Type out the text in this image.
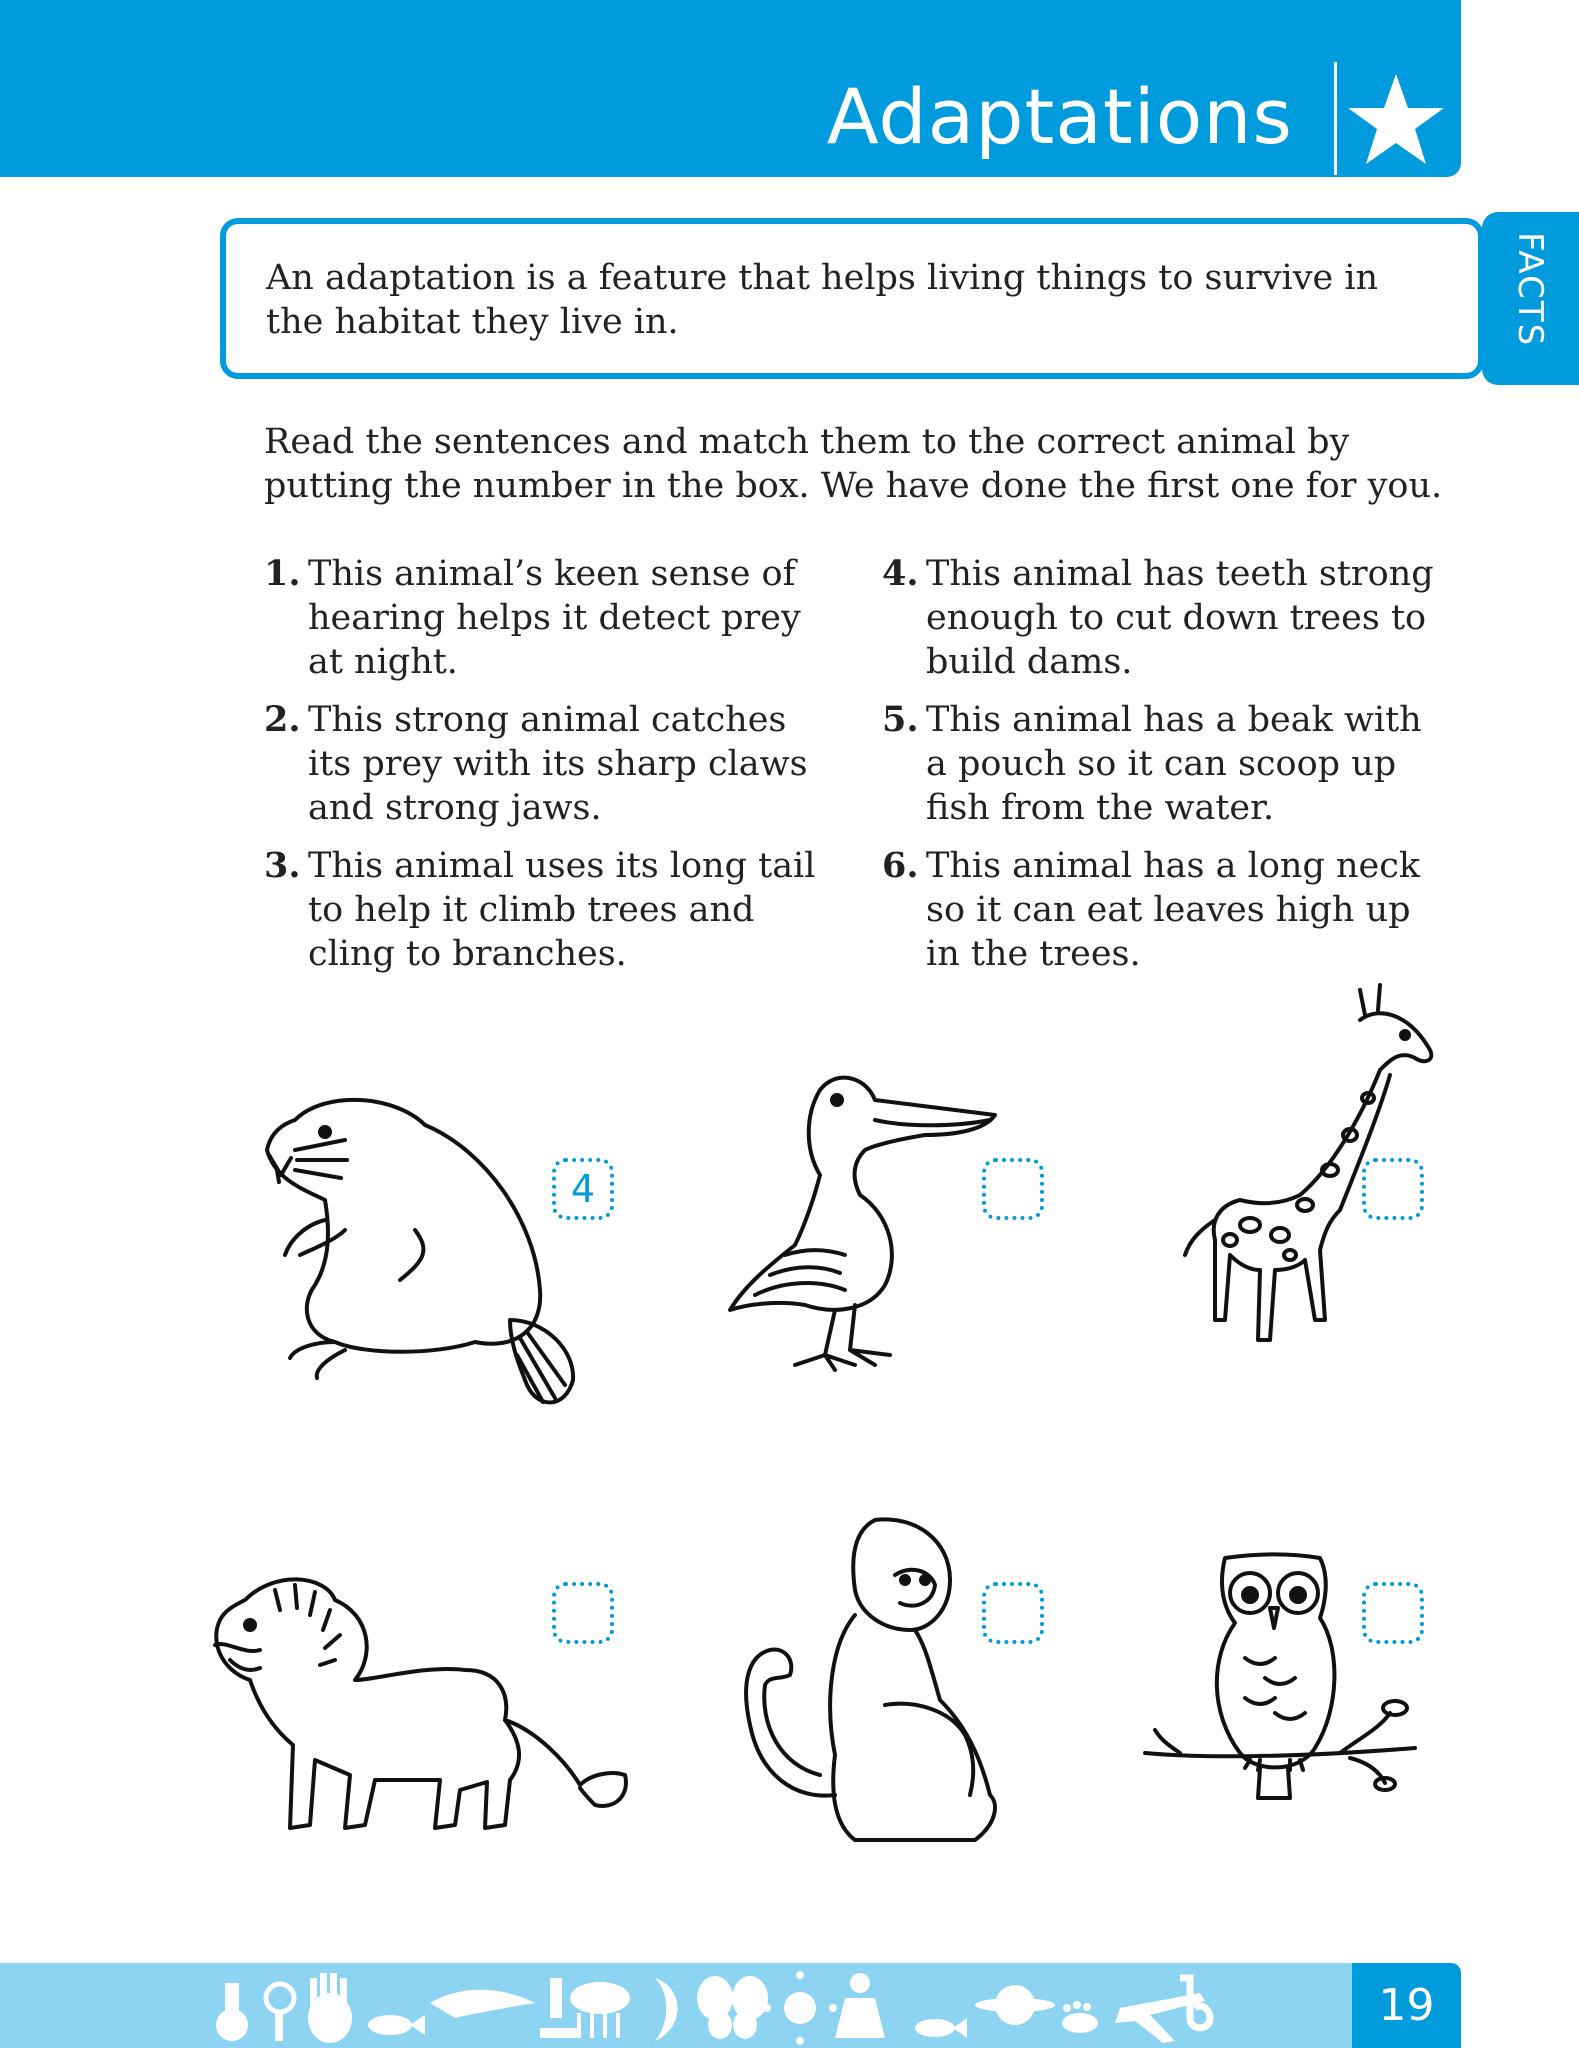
Adaptations
An adaptation is a feature that helps living things to survive in the habitat they live in.	FACTS
Read the sentences and match them to the correct animal by putting the number in the box. We have done the first one for you.
1. This animal’s keen sense of hearing helps it detect prey at night.
2. This strong animal catches its prey with its sharp claws and strong jaws.
3. This animal uses its long tail to help it climb trees and cling to branches.
4. This animal has teeth strong enough to cut down trees to build dams.
5. This animal has a beak with a pouch so it can scoop up fish from the water.
6. This animal has a long neck so it can eat leaves high up in the trees.
4
19
